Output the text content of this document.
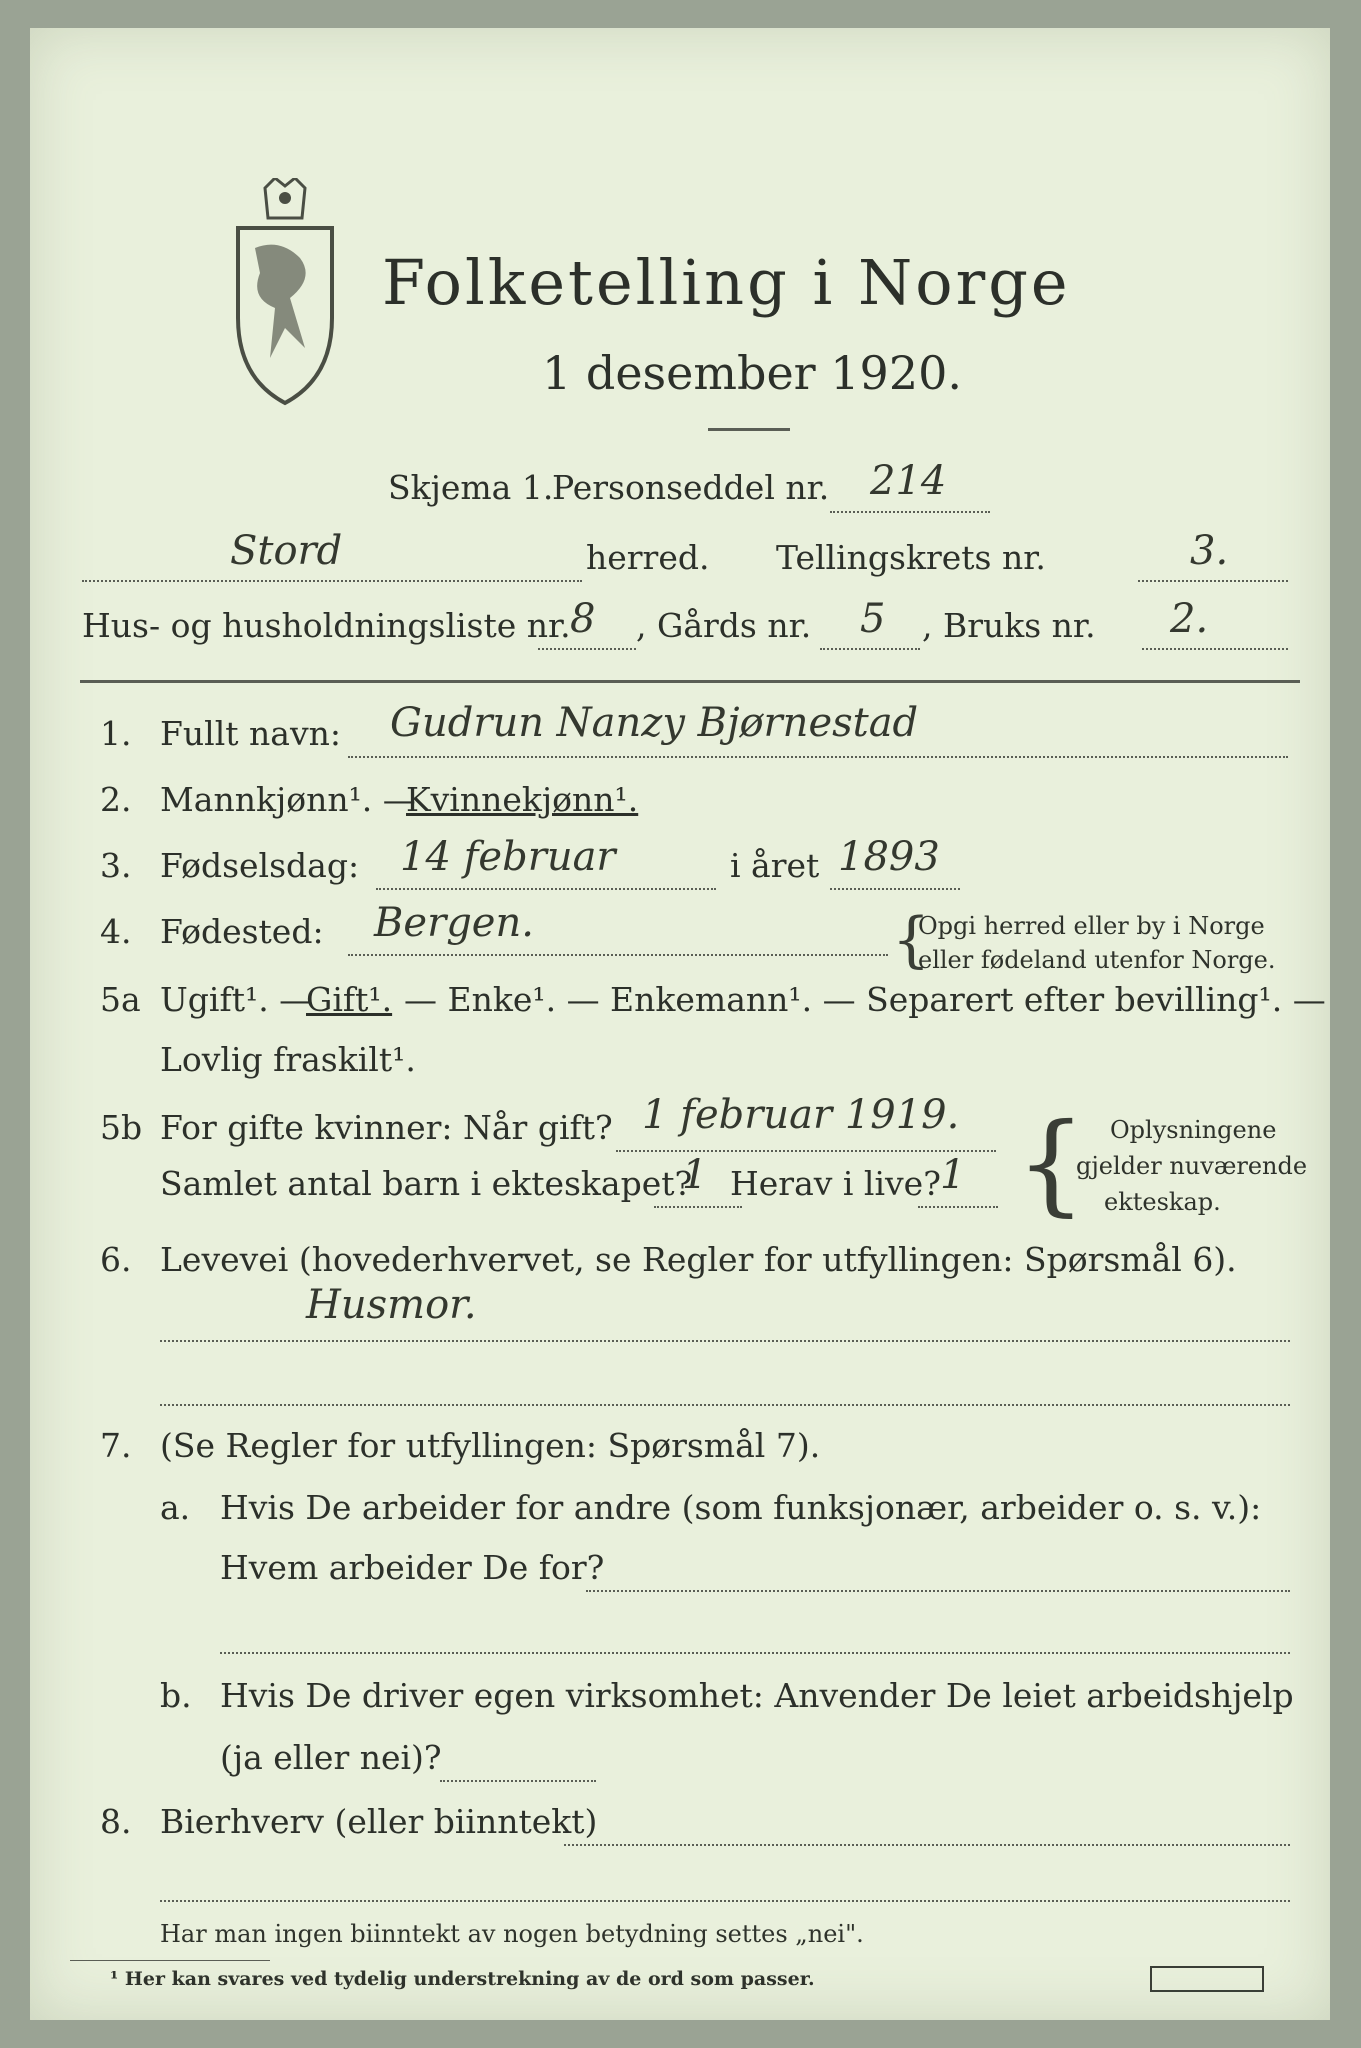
Folketelling i Norge
1 desember 1920.
Skjema 1.
Personseddel nr. 214
Stord	herred. Tellingskrets nr.	3.
Hus- og husholdningsliste nr. 8 , Gårds nr. 5 , Bruks nr. 2.
1. Fullt navn: Gudrun Nanzy Bjørnestad
2. Mannkjønn¹. —
Kvinnekjønn¹.
3. Fødselsdag: 14 februar	i året 1893
4. Fødested: Bergen.	{
Opgi herred eller by i Norge
eller fødeland utenfor Norge.
5a Ugift¹. —
Gift¹. — Enke¹. — Enkemann¹. — Separert efter bevilling¹. —
Lovlig fraskilt¹.
5b For gifte kvinner: Når gift? 1 februar 1919.
Samlet antal barn i ekteskapet?
1 Herav i live? 1 { Oplysningene
gjelder nuværende
ekteskap.
6. Levevei (hovederhvervet, se Regler for utfyllingen: Spørsmål 6).
Husmor.
7. (Se Regler for utfyllingen: Spørsmål 7).
a. Hvis De arbeider for andre (som funksjonær, arbeider o. s. v.):
Hvem arbeider De for?
b. Hvis De driver egen virksomhet: Anvender De leiet arbeidshjelp
(ja eller nei)?
8. Bierhverv (eller biinntekt)
Har man ingen biinntekt av nogen betydning settes „nei".
¹ Her kan svares ved tydelig understrekning av de ord som passer.
